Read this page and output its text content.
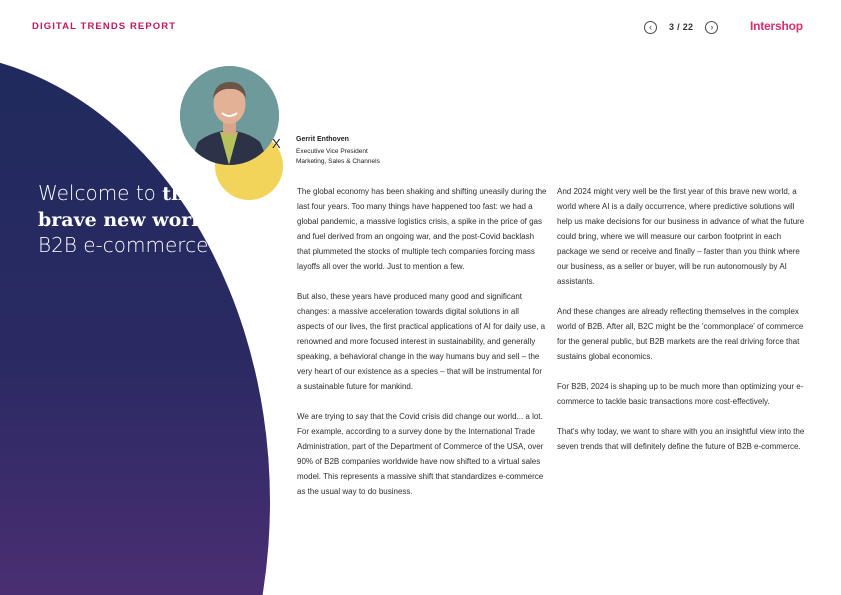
DIGITAL TRENDS REPORT	‹	3 / 22	›	Intershop
Welcome to the
brave new world of
B2B e-commerce!
X Gerrit Enthoven
Executive Vice President
Marketing, Sales & Channels

The global economy has been shaking and shifting uneasily during the last four years. Too many things have happened too fast: we had a global pandemic, a massive logistics crisis, a spike in the price of gas and fuel derived from an ongoing war, and the post-Covid backlash that plummeted the stocks of multiple tech companies forcing mass layoffs all over the world. Just to mention a few.

But also, these years have produced many good and significant changes: a massive acceleration towards digital solutions in all aspects of our lives, the first practical applications of AI for daily use, a renowned and more focused interest in sustainability, and generally speaking, a behavioral change in the way humans buy and sell – the very heart of our existence as a species – that will be instrumental for a sustainable future for mankind.

We are trying to say that the Covid crisis did change our world... a lot. For example, according to a survey done by the International Trade Administration, part of the Department of Commerce of the USA, over 90% of B2B companies worldwide have now shifted to a virtual sales model. This represents a massive shift that standardizes e-commerce as the usual way to do business.

And 2024 might very well be the first year of this brave new world, a world where AI is a daily occurrence, where predictive solutions will help us make decisions for our business in advance of what the future could bring, where we will measure our carbon footprint in each package we send or receive and finally – faster than you think where our business, as a seller or buyer, will be run autonomously by AI assistants.

And these changes are already reflecting themselves in the complex world of B2B. After all, B2C might be the 'commonplace' of commerce for the general public, but B2B markets are the real driving force that sustains global economics.

For B2B, 2024 is shaping up to be much more than optimizing your e-commerce to tackle basic transactions more cost-effectively.

That's why today, we want to share with you an insightful view into the seven trends that will definitely define the future of B2B e-commerce.
